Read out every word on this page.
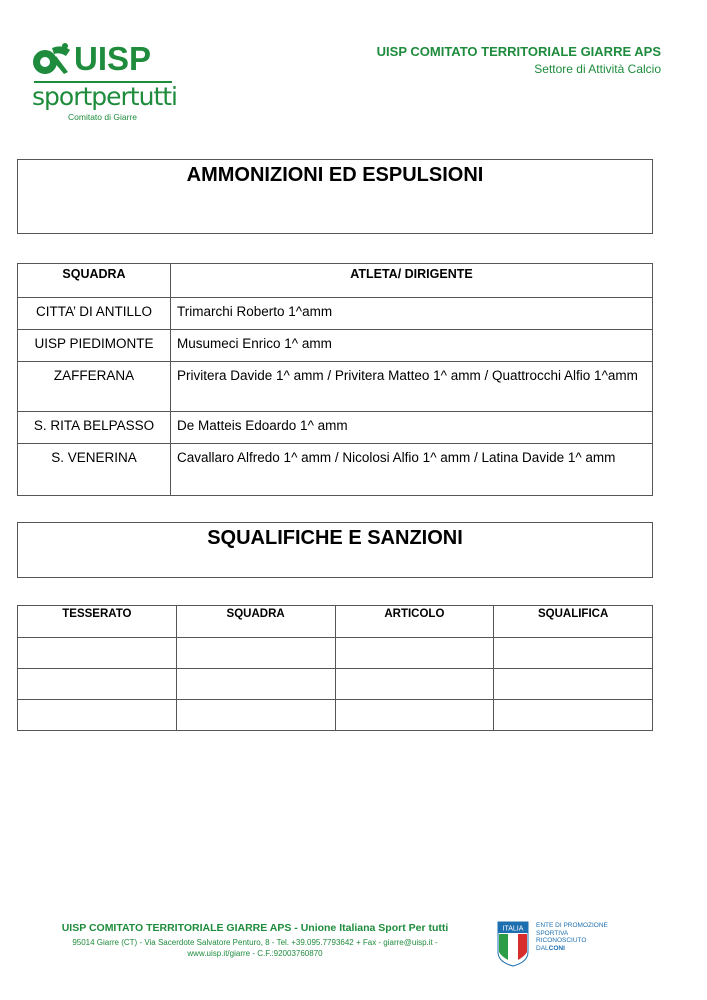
UISP
sportpertutti
Comitato di Giarre
UISP COMITATO TERRITORIALE GIARRE APS
Settore di Attività Calcio
AMMONIZIONI ED ESPULSIONI
SQUADRA	ATLETA/ DIRIGENTE
CITTA’ DI ANTILLO	Trimarchi Roberto 1^amm
UISP PIEDIMONTE	Musumeci Enrico 1^ amm
ZAFFERANA	Privitera Davide 1^ amm / Privitera Matteo 1^ amm / Quattrocchi Alfio 1^amm
S. RITA BELPASSO	De Matteis Edoardo 1^ amm
S. VENERINA	Cavallaro Alfredo 1^ amm / Nicolosi Alfio 1^ amm / Latina Davide 1^ amm
SQUALIFICHE E SANZIONI
TESSERATO	SQUADRA	ARTICOLO	SQUALIFICA

UISP COMITATO TERRITORIALE GIARRE APS - Unione Italiana Sport Per tutti
95014 Giarre (CT) - Via Sacerdote Salvatore Penturo, 8 - Tel. +39.095.7793642 + Fax - giarre@uisp.it - www.uisp.it/giarre - C.F.:92003760870
ITALIA ENTE DI PROMOZIONE
SPORTIVA
RICONOSCIUTO
DALCONI
